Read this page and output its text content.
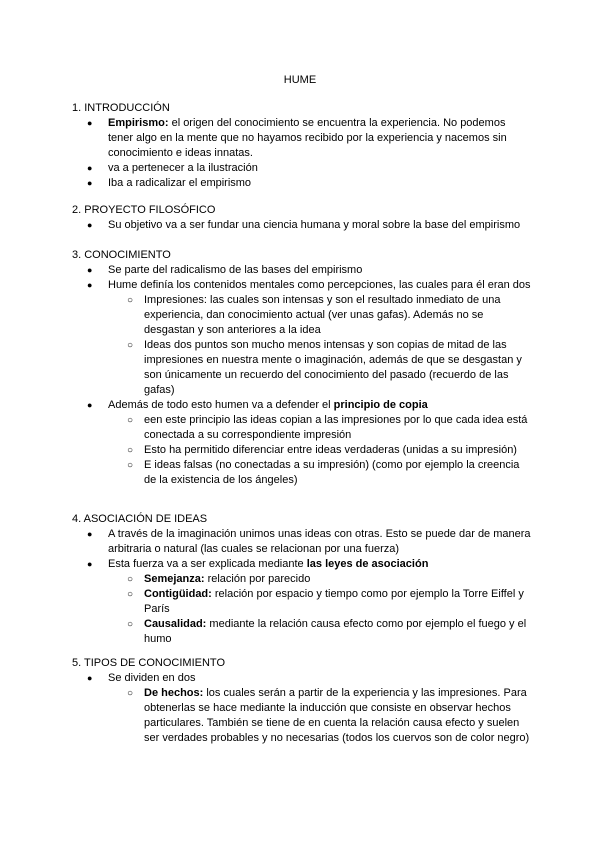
HUME
1. INTRODUCCIÓN
● Empirismo: el origen del conocimiento se encuentra la experiencia. No podemos tener algo en la mente que no hayamos recibido por la experiencia y nacemos sin conocimiento e ideas innatas.
● va a pertenecer a la ilustración
● Iba a radicalizar el empirismo
2. PROYECTO FILOSÓFICO
● Su objetivo va a ser fundar una ciencia humana y moral sobre la base del empirismo
3. CONOCIMIENTO
● Se parte del radicalismo de las bases del empirismo
● Hume definía los contenidos mentales como percepciones, las cuales para él eran dos
○ Impresiones: las cuales son intensas y son el resultado inmediato de una experiencia, dan conocimiento actual (ver unas gafas). Además no se desgastan y son anteriores a la idea
○ Ideas dos puntos son mucho menos intensas y son copias de mitad de las impresiones en nuestra mente o imaginación, además de que se desgastan y son únicamente un recuerdo del conocimiento del pasado (recuerdo de las gafas)
● Además de todo esto humen va a defender el principio de copia
○ een este principio las ideas copian a las impresiones por lo que cada idea está conectada a su correspondiente impresión
○ Esto ha permitido diferenciar entre ideas verdaderas (unidas a su impresión)
○ E ideas falsas (no conectadas a su impresión) (como por ejemplo la creencia de la existencia de los ángeles)
4. ASOCIACIÓN DE IDEAS
● A través de la imaginación unimos unas ideas con otras. Esto se puede dar de manera arbitraria o natural (las cuales se relacionan por una fuerza)
● Esta fuerza va a ser explicada mediante las leyes de asociación
○ Semejanza: relación por parecido
○ Contigüidad: relación por espacio y tiempo como por ejemplo la Torre Eiffel y París
○ Causalidad: mediante la relación causa efecto como por ejemplo el fuego y el humo
5. TIPOS DE CONOCIMIENTO
● Se dividen en dos
○ De hechos: los cuales serán a partir de la experiencia y las impresiones. Para obtenerlas se hace mediante la inducción que consiste en observar hechos particulares. También se tiene de en cuenta la relación causa efecto y suelen ser verdades probables y no necesarias (todos los cuervos son de color negro)
